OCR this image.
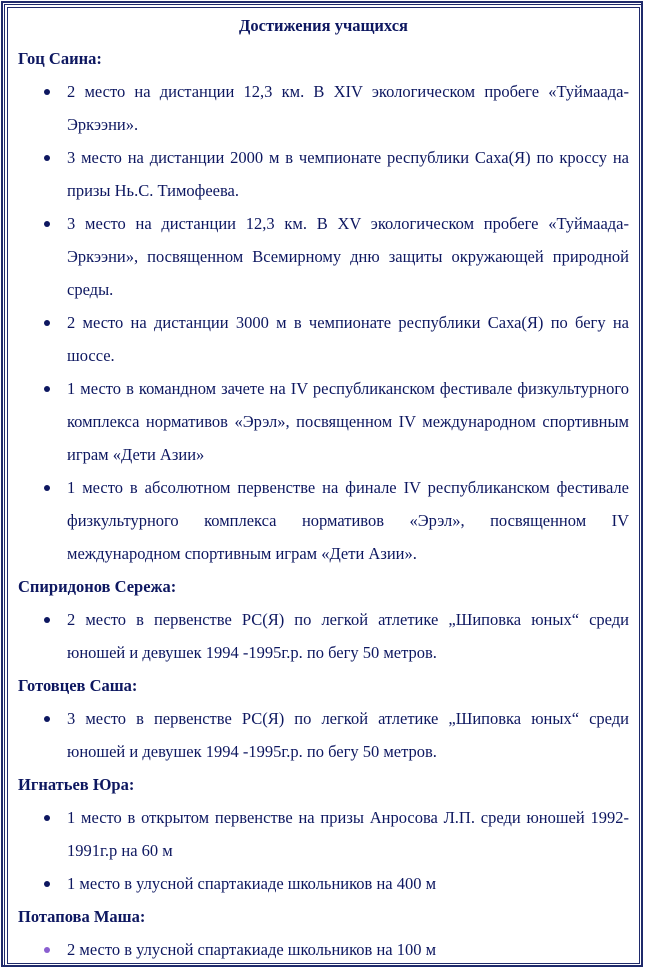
Достижения учащихся
Гоц Саина:
2 место на дистанции 12,3 км. В XIV экологическом пробеге «Туймаада-Эркээни».
3 место на дистанции 2000 м в чемпионате республики Саха(Я) по кроссу на призы Нь.С. Тимофеева.
3 место на дистанции 12,3 км. В XV экологическом пробеге «Туймаада-Эркээни», посвященном Всемирному дню защиты окружающей природной среды.
2 место на дистанции 3000 м в чемпионате республики Саха(Я) по бегу на шоссе.
1 место в командном зачете на IV республиканском фестивале физкультурного комплекса нормативов «Эрэл», посвященном IV международном спортивным играм «Дети Азии»
1 место в абсолютном первенстве на финале IV республиканском фестивале физкультурного комплекса нормативов «Эрэл», посвященном IV международном спортивным играм «Дети Азии».
Спиридонов Сережа:
2 место в первенстве РС(Я) по легкой атлетике „Шиповка юных“ среди юношей и девушек 1994 -1995г.р. по бегу 50 метров.
Готовцев Саша:
3 место в первенстве РС(Я) по легкой атлетике „Шиповка юных“ среди юношей и девушек 1994 -1995г.р. по бегу 50 метров.
Игнатьев Юра:
1 место в открытом первенстве на призы Анросова Л.П. среди юношей 1992-1991г.р на 60 м
1 место в улусной спартакиаде школьников на 400 м
Потапова Маша:
2 место в улусной спартакиаде школьников на 100 м
